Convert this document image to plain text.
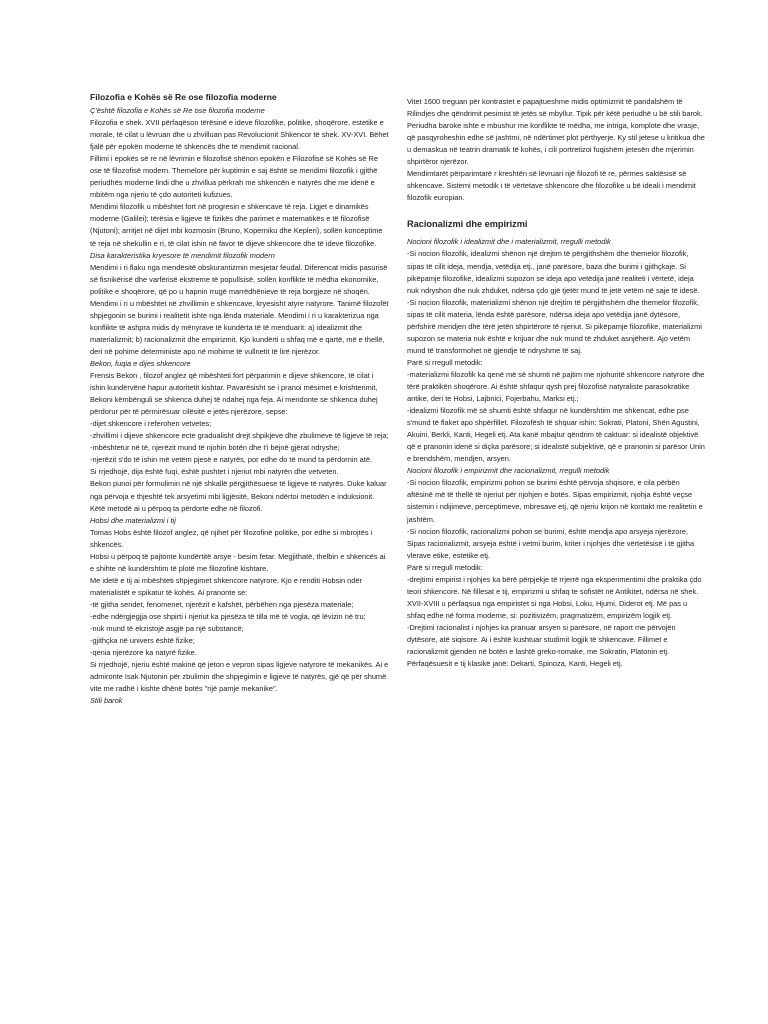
Filozofia e Kohës së Re ose filozofia moderne

Ç'është filozofia e Kohës së Re ose filozofia moderne

Filozofia e shek. XVII përfaqëson tërësinë e ideve filozofike, politike, shoqërore, estetike e morale, të cilat u lëvruan dhe u zhvilluan pas Revolucionit Shkencor të shek. XV-XVI. Bëhet fjalë për epokën moderne të shkencës dhe të mendimit racional.

Fillimi i epokës së re në lëvrimin e filozofisë shënon epokën e Filozofisë së Kohës së Re ose të filozofisë modern. Themelore për kuptimin e saj është se mendimi filozofik i gjithë periudhës moderne lindi dhe u zhvillua përkrah me shkencën e natyrës dhe me idenë e mbitëm nga njeriu të çdo autoriteti kufizues.

Mendimi filozofik u mbështet fort në progresin e shkencave të reja. Ligjet e dinamikës moderne (Galilei); tërësia e ligjeve të fizikës dhe parimet e matematikës e të filozofisë (Njutoni); arritjet në dijet mbi kozmosin (Bruno, Koperniku dhe Kepleri), sollën konceptime të reja në shekullin e ri, të cilat ishin në favor të dijeve shkencore dhe të ideve filozofike.

Disa karakteristika kryesore të mendimit filozofik modern

Mendimi i ri flaku nga mendësitë obskurantizmin mesjetar feudal. Diferencat midis pasurisë së fisnikërisë dhe varfërisë ekstreme të popullsisë, sollën konflikte të mëdha ekonomike, politike e shoqërore, që po u hapnin rrugë marrëdhënieve të reja borgjeze në shoqëri.

Mendimi i ri u mbështet në zhvillimin e shkencave, kryesisht atyre natyrore. Tanimë filozofët shpjegonin se burimi i realitetit ishte nga lënda materiale. Mendimi i ri u karakterizua nga konflikte të ashpra midis dy mënyrave të kundërta të të menduarit: a) idealizmit dhe materializmit; b) racionalizmit dhe empirizmit. Kjo kundërti u shfaq më e qartë, më e thellë, deri në pohime deterministe apo në mohime të vullnetit të lirë njerëzor.

Bekon, fuqia e dijes shkencore

Frensis Bekon , filozof anglez që mbështeti fort përparimin e dijeve shkencore, të cilat i ishin kundërvënë hapur autoritetit kishtar. Pavarësisht se i pranoi mësimet e krishterimit, Bekoni këmbënguli se shkenca duhej të ndahej nga feja. Ai mendonte se shkenca duhej përdorur për të përmirësuar cilësitë e jetës njerëzore, sepse:

-dijet shkencore i referohen vetvetes;

-zhvillimi i dijeve shkencore ecte gradualisht drejt shpikjeve dhe zbulimeve të ligjeve të reja;

-mbështetur në të, njerëzit mund të njohin botën dhe t'i bëjnë gjërat ndryshe;

-njerëzit s'do të ishin më vetëm pjesë e natyrës, por edhe do të mund ta përdornin atë.

Si rrjedhojë, dija është fuqi, është pushtet i njeriut mbi natyrën dhe vetveten.

Bekon punoi për formulimin në një shkallë përgjithësuese të ligjeve të natyrës. Duke kaluar nga përvoja e thjeshtë tek arsyetimi mbi ligjësitë, Bekoni ndërtoi metodën e induksionit. Këtë metodë ai u përpoq ta përdorte edhe në filozofi.

Hobsi dhe materializmi i tij

Tomas Hobs është filozof anglez, që njihet për filozofinë politike, por edhe si mbrojtës i shkencës.

Hobsi u përpoq të pajtonte kundërtitë arsye - besim fetar. Megjithatë, thelbin e shkencës ai e shihte në kundërshtim të plotë me filozofinë kishtare.

Me idetë e tij ai mbështeti shpjegimet shkencore natyrore. Kjo e renditi Hobsin ndër materialistët e spikatur të kohës. Ai pranonte se:

-të gjitha sendet, fenomenet, njerëzit e kafshët, përbëhen nga pjesëza materiale;

-edhe ndërgjegjja ose shpirti i njeriut ka pjesëza të tilla më të vogla, që lëvizin në tru;

-nuk mund të ekzistojë asgjë pa një substancë;

-gjithçka në univers është fizike;

-qenia njerëzore ka natyrë fizike.

Si rrjedhojë, njeriu është makinë që jeton e vepron sipas ligjeve natyrore të mekanikës. Ai e admironte Isak Njutonin për zbulimin dhe shpjegimin e ligjeve të natyrës, gjë që për shumë vite me radhë i kishte dhënë botës "një pamje mekanike".

Stili barok

Vitet 1600 treguan për kontrastet e papajtueshme midis optimizmit të pandalshëm të Rilindjes dhe qëndrimit pesimist të jetës së mbyllur. Tipik për këtë periudhë u bë stili barok. Periudha baroke ishte e mbushur me konflikte të mëdha, me intriga, komplote dhe vrasje, që pasqyroheshin edhe së jashtmi, në ndërtimet plot përthyerje. Ky stil jetese u kritikua dhe u demaskua në teatrin dramatik të kohës, i cili portretizoi fuqishëm jetesën dhe mjerimin shpirtëror njerëzor.

Mendimtarët përparimtarë r kreshtën së lëvruari një filozofi të re, përmes saktësisë së shkencave. Sistemi metodik i të vërtetave shkencore dhe filozofike u bë ideali i mendimit filozofik europian.

Racionalizmi dhe empirizmi

Nocioni filozofik i idealizmit dhe i materializmit, rregulli metodik

-Si nocion filozofik, idealizmi shënon një drejtim të përgjithshëm dhe themelor filozofik, sipas të cilit ideja, mendja, vetëdija etj., janë parësore, baza dhe burimi i gjithçkaje. Si pikëpamje filozofike, idealizmi supozon se ideja apo vetëdija janë realiteti i vërtetë, ideja nuk ndryshon dhe nuk zhduket, ndërsa çdo gjë tjetër mund të jetë vetëm në saje të idesë.

-Si nocion filozofik, materializmi shënon një drejtim të përgjithshëm dhe themelor filozofik, sipas të cilit materia, lënda është parësore, ndërsa ideja apo vetëdija janë dytësore, përfshirë mendjen dhe tërë jetën shpirtërore të njeriut. Si pikëpamje filozofike, materializmi supozon se materia nuk është e krijuar dhe nuk mund të zhduket asnjëherë. Ajo vetëm mund të transformohet në gjendje të ndryshme të saj.

Parë si rregull metodik:

-materializmi filozofik ka qenë më së shumti në pajtim me njohuritë shkencore natyrore dhe tërë praktikën shoqërore. Ai është shfaqur qysh prej filozofisë natyraliste parasokratike antike, deri te Hobsi, Lajbnici, Fojerbahu, Marksi etj.;

-idealizmi filozofik më së shumti është shfaqur në kundërshtim me shkencat, edhe pse s'mund të flaket apo shpërfillet. Filozofësh të shquar ishin: Sokrati, Platoni, Shën Agustini, Akuini, Berkli, Kanti, Hegeli etj. Ata kanë mbajtur qëndrim të caktuar: si idealistë objektivë që e pranonin idenë si diçka parësore; si idealistë subjektivë, që e pranonin si parësor Unin e brendshëm, mendjen, arsyen.

Nocioni filozofik i empirizmit dhe racionalizmit, rregulli metodik

-Si nocion filozofik, empirizmi pohon se burimi është përvoja shqisore, e cila përbën aftësinë më të thellë të njeriut për njohjen e botës. Sipas empirizmit, njohja është veçse sistemin i ndijimeve, perceptimeve, mbresave etj, që njeriu krijon në kontakt me realitetin e jashtëm.

-Si nocion filozofik, racionalizmi pohon se burimi, është mendja apo arsyeja njerëzore, Sipas racionalizmit, arsyeja është i vetmi burim, kriter i njohjes dhe vërtetësisë i të gjitha vlerave etike, estetike etj.

Parë si rregull metodik:

-drejtimi empirist i njohjes ka bërë përpjekje të rrjerrë nga eksperimentimi dhe praktika çdo teori shkencore. Në fillesat e tij, empirizmi u shfaq te sofistët në Antikitet, ndërsa në shek. XVII-XVIII u përfaqsua nga empiristet si nga Hobsi, Loku, Hjumi, Diderot etj. Më pas u shfaq edhe në forma moderne, si: pozitivizëm, pragmatizëm, empirizëm logjik etj.

-Drejtimi racionalist i njohjes ka pranuar arsyen si parësore, në raport me përvojën dytësore, atë siqisore. Ai i është kushtuar studimit logjik të shkencave. Fillimet e racionalizmit gjenden në botën e lashtë greko-romake, me Sokratin, Platonin etj. Përfaqësuesit e tij klasikë janë: Dekarti, Spinoza, Kanti, Hegeli etj.
